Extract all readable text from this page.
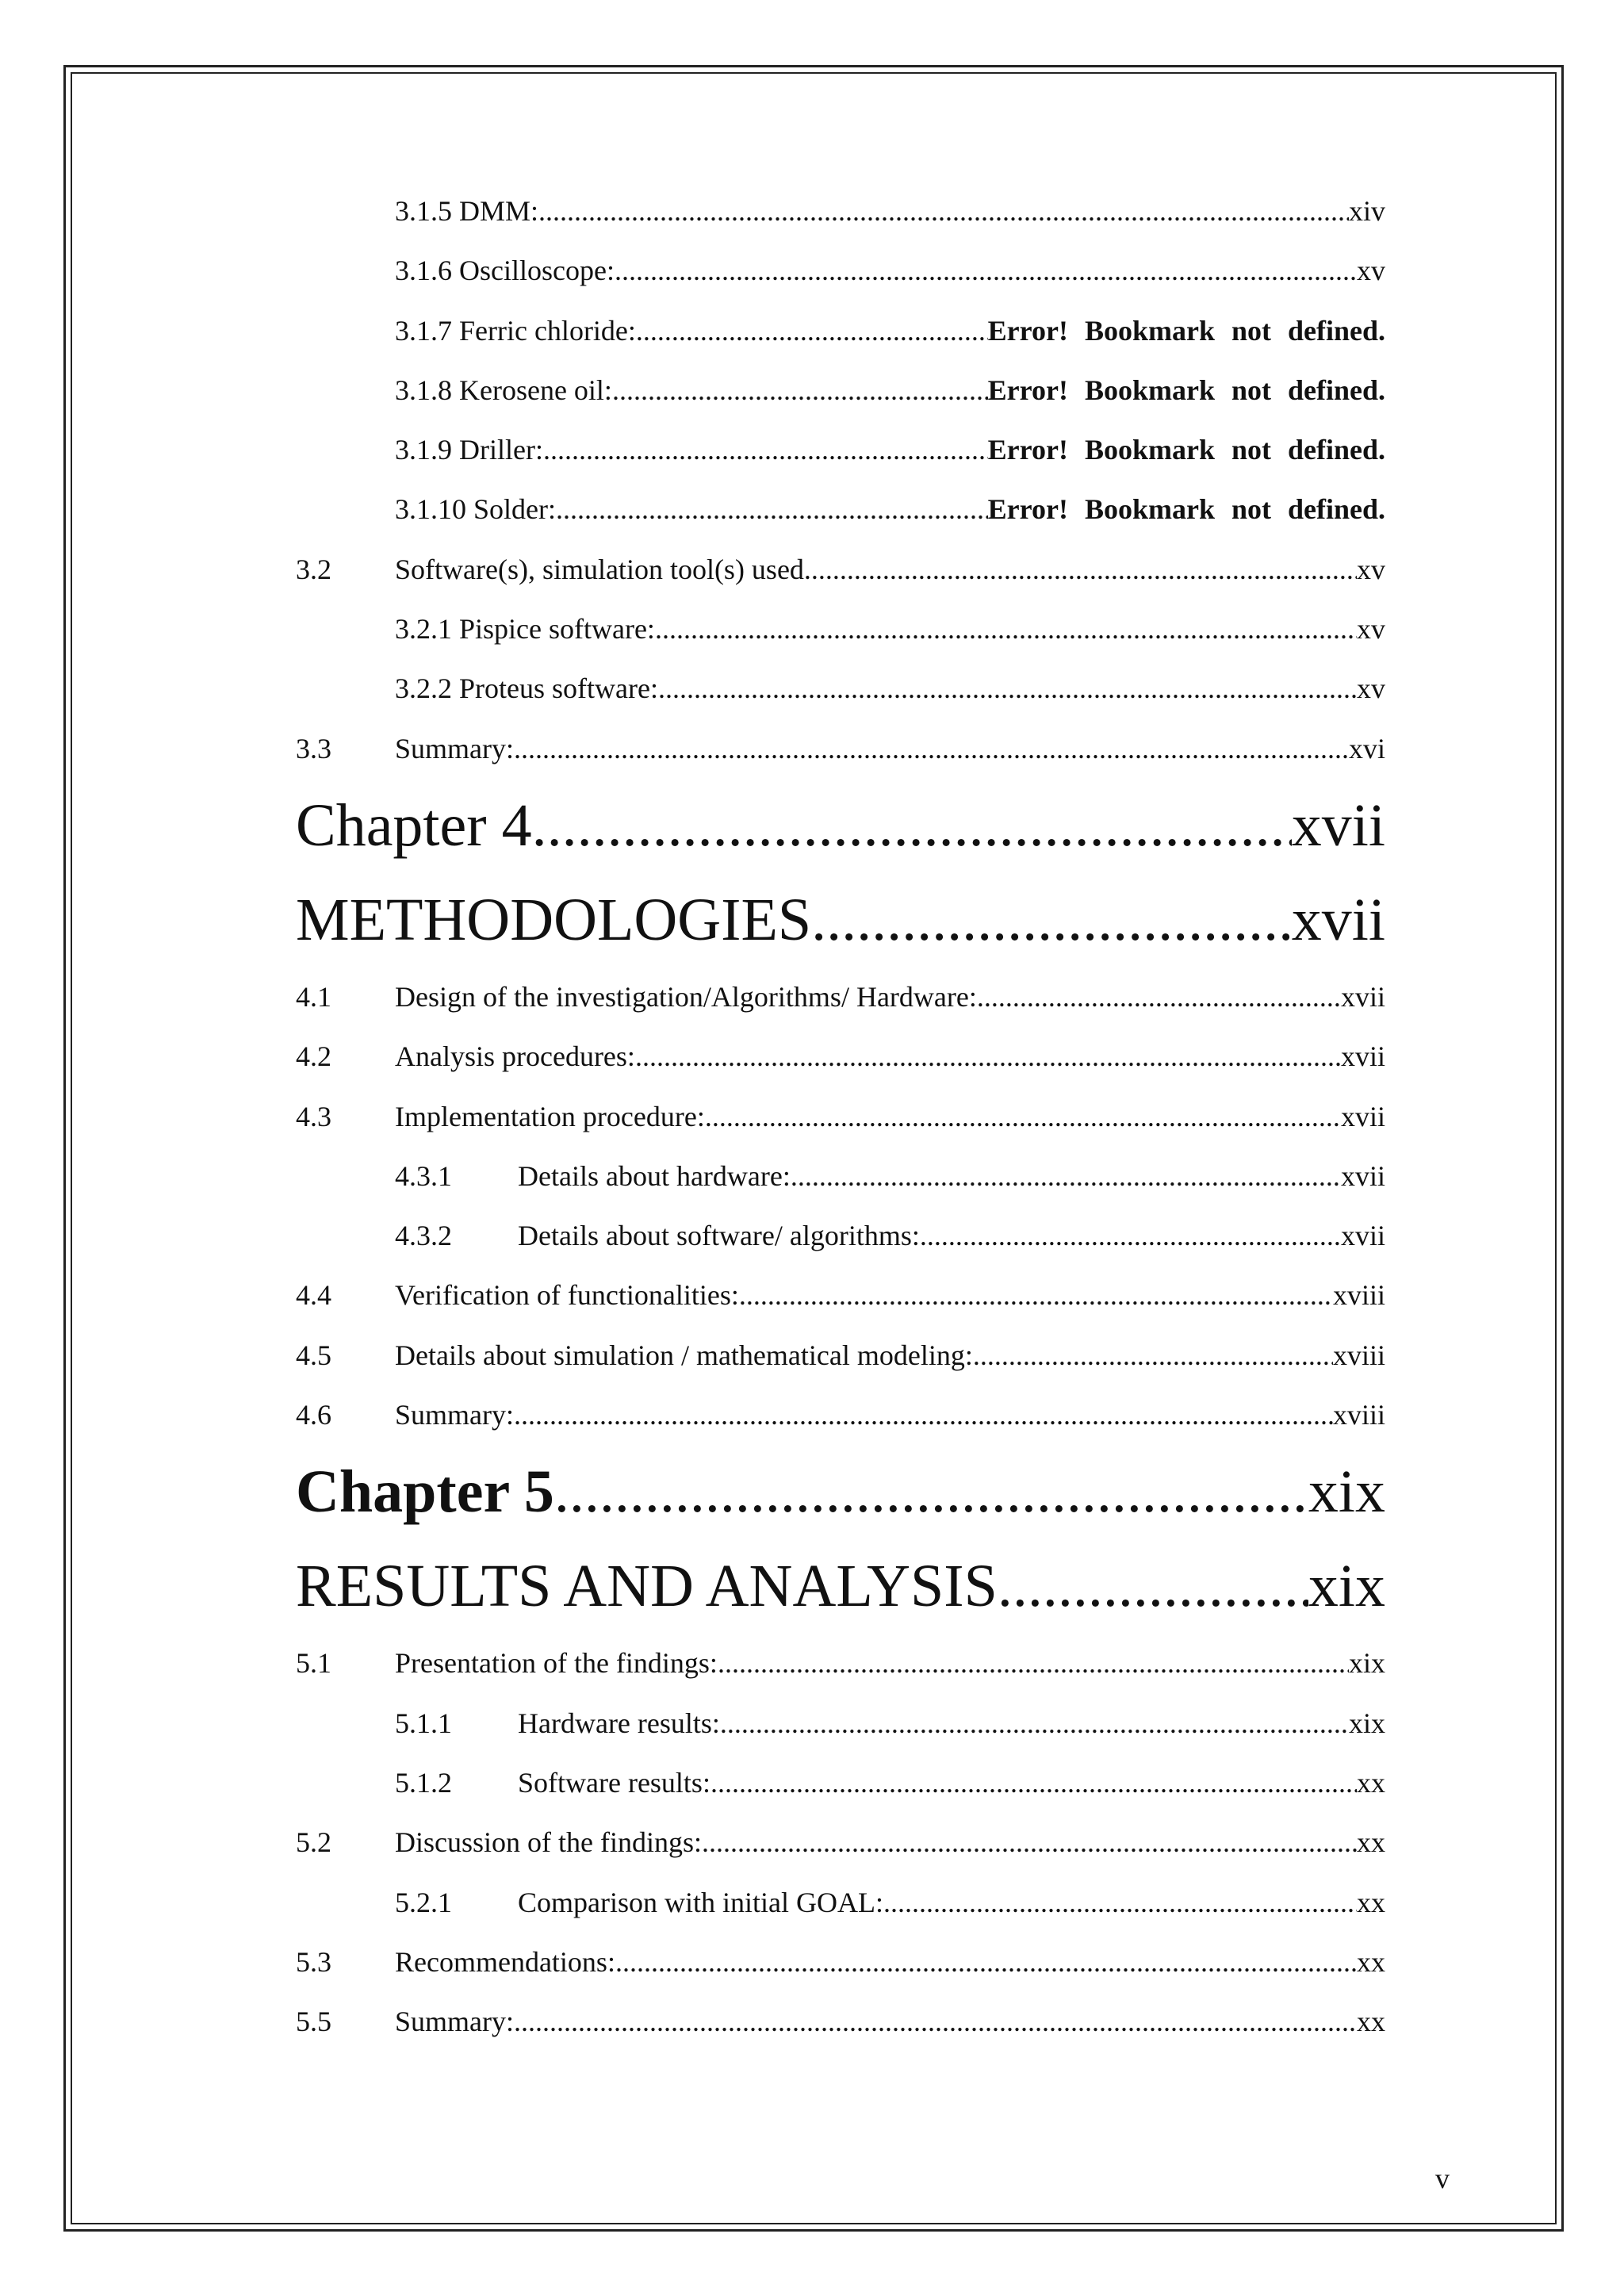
3.1.5 DMM: .....	xiv
3.1.6 Oscilloscope: .....	xv
3.1.7 Ferric chloride: .....	Error! Bookmark not defined.
3.1.8 Kerosene oil: .....	Error! Bookmark not defined.
3.1.9 Driller: .....	Error! Bookmark not defined.
3.1.10 Solder: .....	Error! Bookmark not defined.
3.2	Software(s), simulation tool(s) used .....	xv
3.2.1 Pispice software: .....	xv
3.2.2 Proteus software: .....	xv
3.3	Summary: .....	xvi
Chapter 4 .....	xvii
METHODOLOGIES .....	xvii
4.1	Design of the investigation/Algorithms/ Hardware: .....	xvii
4.2	Analysis procedures: .....	xvii
4.3	Implementation procedure: .....	xvii
4.3.1	Details about hardware: .....	xvii
4.3.2	Details about software/ algorithms: .....	xvii
4.4	Verification of functionalities: .....	xviii
4.5	Details about simulation / mathematical modeling: .....	xviii
4.6	Summary: .....	xviii
Chapter 5 .....	xix
RESULTS AND ANALYSIS .....	xix
5.1	Presentation of the findings: .....	xix
5.1.1	Hardware results: .....	xix
5.1.2	Software results: .....	xx
5.2	Discussion of the findings: .....	xx
5.2.1	Comparison with initial GOAL: .....	xx
5.3	Recommendations: .....	xx
5.5	Summary: .....	xx
v
